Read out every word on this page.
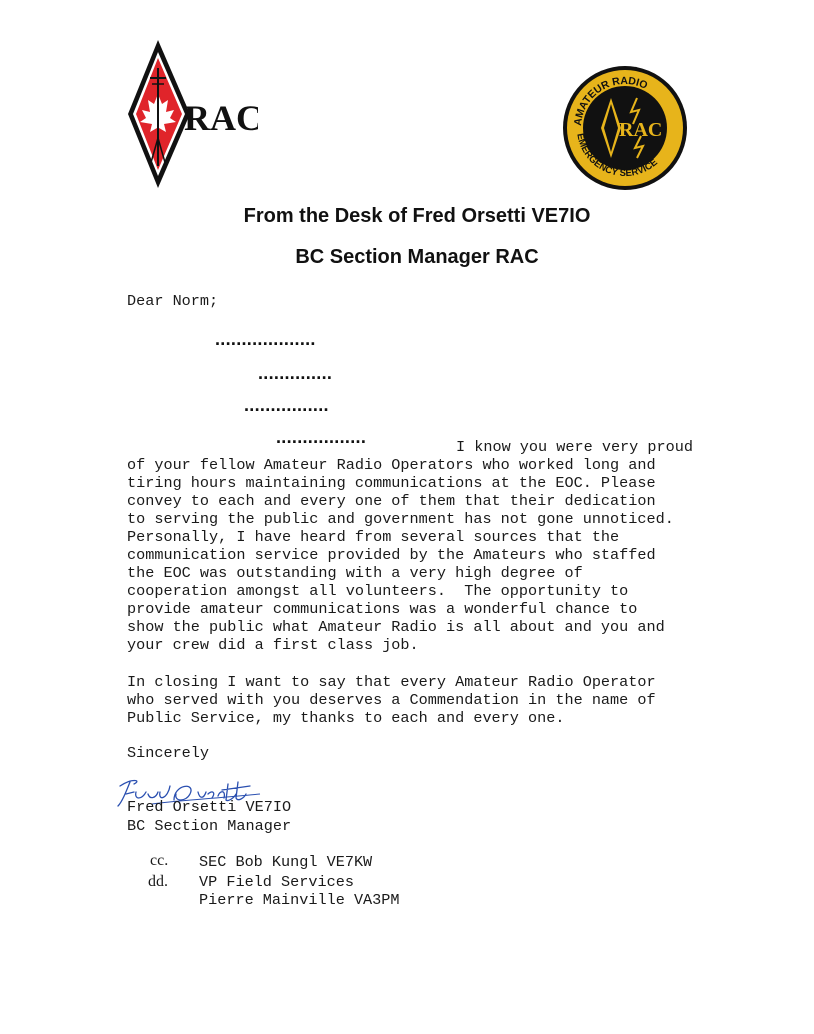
RAC	AMATEUR RADIO
EMERGENCY SERVICE
RAC
From the Desk of Fred Orsetti VE7IO
BC Section Manager RAC
Dear Norm;
...................
..............
................
.................	I know you were very proud
of your fellow Amateur Radio Operators who worked long and
tiring hours maintaining communications at the EOC. Please
convey to each and every one of them that their dedication
to serving the public and government has not gone unnoticed.
Personally, I have heard from several sources that the
communication service provided by the Amateurs who staffed
the EOC was outstanding with a very high degree of
cooperation amongst all volunteers.  The opportunity to
provide amateur communications was a wonderful chance to
show the public what Amateur Radio is all about and you and
your crew did a first class job.
In closing I want to say that every Amateur Radio Operator
who served with you deserves a Commendation in the name of
Public Service, my thanks to each and every one.
Sincerely
Fred Orsetti VE7IO
BC Section Manager
cc.
dd.
SEC Bob Kungl VE7KW
VP Field Services
Pierre Mainville VA3PM
